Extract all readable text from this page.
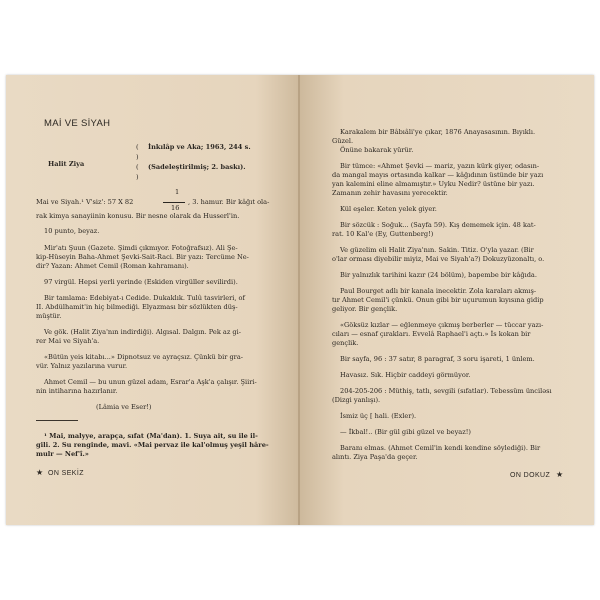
MAİ VE SİYAH
Halit Ziya
(
)
(
)
İnkılâp ve Aka; 1963, 244 s.
(Sadeleştirilmiş; 2. baskı).
Mai ve Siyah.¹ V'siz': 57 X 82
1
16
, 3. hamur. Bir kâğıt ola-
rak kimya sanayiinin konusu. Bir nesne olarak da Husserl'in.
10 punto, beyaz.
Mir'atı Şuun (Gazete. Şimdi çıkmıyor. Fotoğrafsız). Ali Şe-
kip-Hüseyin Baha-Ahmet Şevki-Sait-Raci. Bir yazı: Tercüme Ne-
dir? Yazan: Ahmet Cemil (Roman kahramanı).
97 virgül. Hepsi yerli yerinde (Eskiden virgüller sevilirdi).
Bir tamlama: Edebiyat-ı Cedide. Dukaklık. Tulû tasvirleri, of
II. Abdülhamit'in hiç bilmediği. Elyazması bir sözlükten düş-
müştür.
Ve gök. (Halit Ziya'nın indirdiği). Algısal. Dalgın. Pek az gi-
rer Mai ve Siyah'a.
«Bütün yeis kitabı...» Dipnotsuz ve ayraçsız. Çünkü bir gra-
vür. Yalnız yazılarına vurur.
Ahmet Cemil — bu unun güzel adam, Esrar'a Aşk'a çalışır. Şiiri-
nin intiharına hazırlanır.
(Lâmia ve Eser!)
¹ Mai, malyye, arapça, sıfat (Ma'dan). 1. Suya ait, su ile il-
gili. 2. Su renginde, mavi. «Mai pervaz ile kal'olmuş yeşil hâre-
mulr — Nef'î.»
★ ON SEKİZ
Karakalem bir Bâbıâli'ye çıkar, 1876 Anayasasının. Bıyıklı.
Güzel.
Önüne bakarak yürür.
Bir tümce: «Ahmet Şevki — mariz, yazın kürk giyer, odasın-
da mangal mayıs ortasında kalkar — kâğıdının üstünde bir yazı
yan kalemini eline almamıştır.» Uyku Nedir? üstüne bir yazı.
Zamanın zehir havasını yerecektir.
Kül eşeler. Keten yelek giyer.
Bir sözcük : Soğuk... (Sayfa 59). Kış dememek için. 48 kat-
rat. 10 Kal'e (Ey, Guttenberg!)
Ve güzelim eli Halit Ziya'nın. Sakin. Titiz. O'yla yazar. (Bir
o'lar orması diyebilir miyiz, Mai ve Siyah'a?) Dokuzyüzonaltı, o.
Bir yalnızlık tarihini kazır (24 bölüm), bapembe bir kâğıda.
Paul Bourget adlı bir kanala inecektir. Zola karaları akmış-
tır Ahmet Cemil'i çünkü. Onun gibi bir uçurumun kıyısına gidip
geliyor. Bir gençlik.
«Göksüz kızlar — eğlenmeye çıkmış berberler — tüccar yazı-
cıları — esnaf çırakları. Evvelâ Raphael'i açtı.» İs kokan bir
gençlik.
Bir sayfa, 96 : 37 satır, 8 paragraf, 3 soru işareti, 1 ünlem.
Havasız. Sık. Hiçbir caddeyi görmüyor.
204-205-206 : Müthiş, tatlı, sevgili (sıfatlar). Tebessüm ünciləsı
(Dizgi yanlışı).
İsmiz üç [ hali. (Exler).
— İkbal!.. (Bir gül gibi güzel ve beyaz!)
Baranı elmas. (Ahmet Cemil'in kendi kendine söylediği). Bir
alıntı. Ziya Paşa'da geçer.
ON DOKUZ ★
